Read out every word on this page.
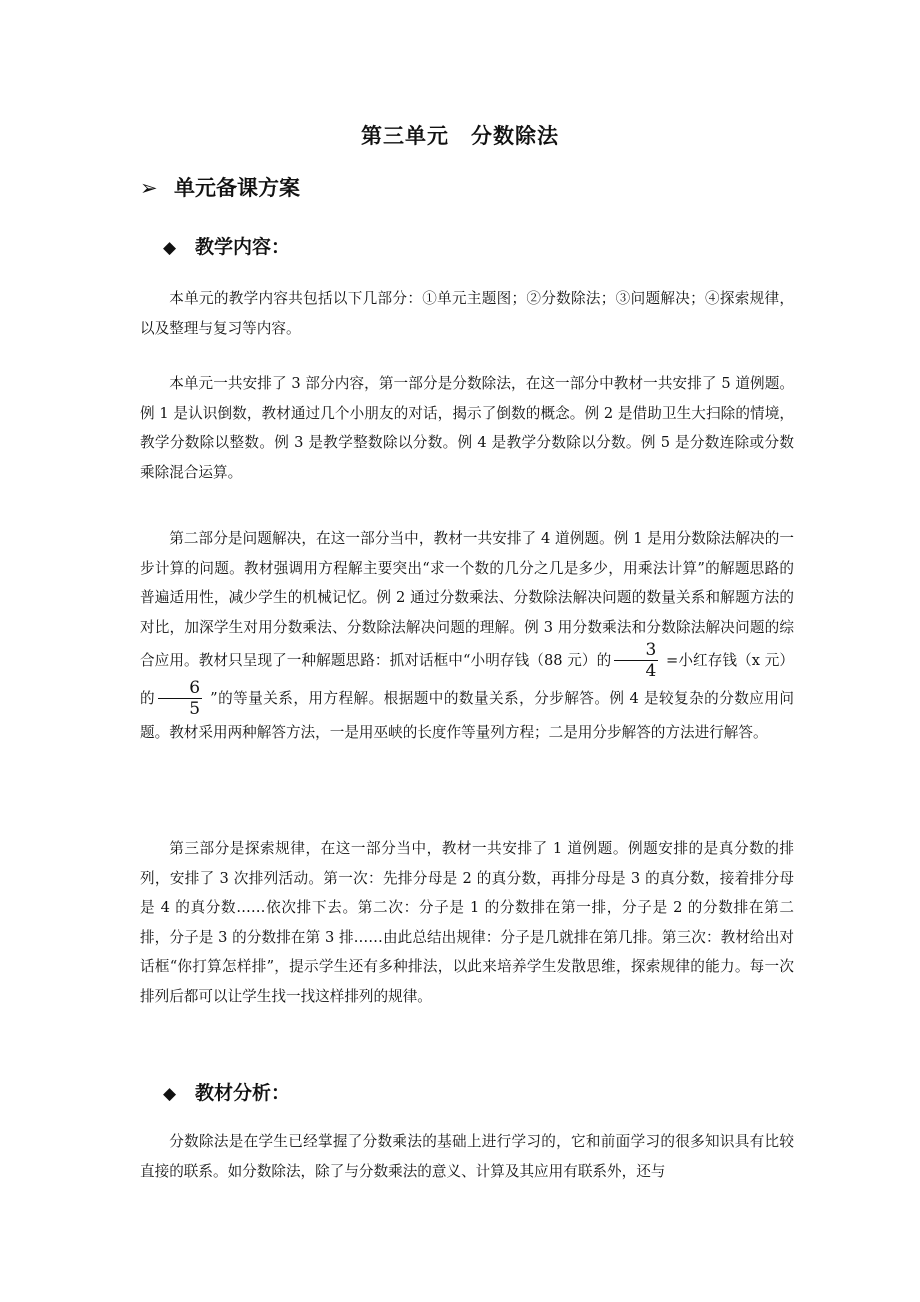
第三单元　分数除法
➢ 单元备课方案
◆ 教学内容：

本单元的教学内容共包括以下几部分：①单元主题图；②分数除法；③问题解决；④探索规律，以及整理与复习等内容。

本单元一共安排了 3 部分内容，第一部分是分数除法，在这一部分中教材一共安排了 5 道例题。例 1 是认识倒数，教材通过几个小朋友的对话，揭示了倒数的概念。例 2 是借助卫生大扫除的情境，教学分数除以整数。例 3 是教学整数除以分数。例 4 是教学分数除以分数。例 5 是分数连除或分数乘除混合运算。

第二部分是问题解决，在这一部分当中，教材一共安排了 4 道例题。例 1 是用分数除法解决的一步计算的问题。教材强调用方程解主要突出“求一个数的几分之几是多少，用乘法计算”的解题思路的普遍适用性，减少学生的机械记忆。例 2 通过分数乘法、分数除法解决问题的数量关系和解题方法的对比，加深学生对用分数乘法、分数除法解决问题的理解。例 3 用分数乘法和分数除法解决问题的综合应用。教材只呈现了一种解题思路：抓对话框中“小明存钱（88 元）的 $\frac{3}{4}$ =小红存钱（x 元）的 $\frac{6}{5}$ ”的等量关系，用方程解。根据题中的数量关系，分步解答。例 4 是较复杂的分数应用问题。教材采用两种解答方法，一是用巫峡的长度作等量列方程；二是用分步解答的方法进行解答。

第三部分是探索规律，在这一部分当中，教材一共安排了 1 道例题。例题安排的是真分数的排列，安排了 3 次排列活动。第一次：先排分母是 2 的真分数，再排分母是 3 的真分数，接着排分母是 4 的真分数……依次排下去。第二次：分子是 1 的分数排在第一排，分子是 2 的分数排在第二排，分子是 3 的分数排在第 3 排……由此总结出规律：分子是几就排在第几排。第三次：教材给出对话框“你打算怎样排”，提示学生还有多种排法，以此来培养学生发散思维，探索规律的能力。每一次排列后都可以让学生找一找这样排列的规律。

◆ 教材分析：

分数除法是在学生已经掌握了分数乘法的基础上进行学习的，它和前面学习的很多知识具有比较直接的联系。如分数除法，除了与分数乘法的意义、计算及其应用有联系外，还与
